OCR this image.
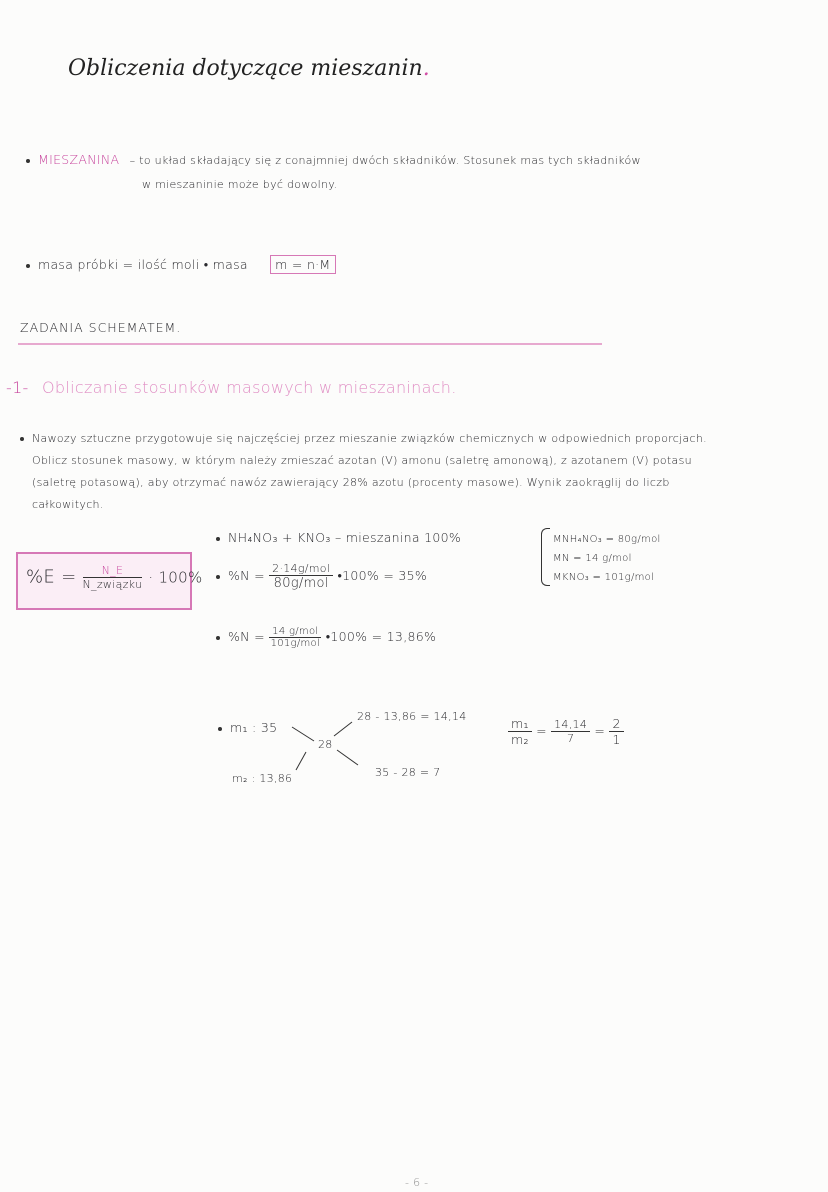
Obliczenia dotyczące mieszanin.
MIESZANINA – to układ składający się z conajmniej dwóch składników. Stosunek mas tych składników
w mieszaninie może być dowolny.
masa próbki = ilość moli • masa m = n·M
ZADANIA SCHEMATEM.
-1- Obliczanie stosunków masowych w mieszaninach.
Nawozy sztuczne przygotowuje się najczęściej przez mieszanie związków chemicznych w odpowiednich proporcjach.
Oblicz stosunek masowy, w którym należy zmieszać azotan (V) amonu (saletrę amonową), z azotanem (V) potasu
(saletrę potasową), aby otrzymać nawóz zawierający 28% azotu (procenty masowe). Wynik zaokrąglij do liczb
całkowitych.
$\%E = \frac{N\_E}{\text{N\_związku}} \cdot 100\%$
NH₄NO₃ + KNO₃ – mieszanina 100%
$\%N = \frac{\text{2·14g/mol}}{\text{80g/mol}}$ •100% = 35%
$\%N = \frac{\text{14 g/mol}}{\text{101g/mol}}$ •100% = 13,86%
MNH₄NO₃ = 80g/mol
MN = 14 g/mol
MKNO₃ = 101g/mol
m₁ : 35
28
28 - 13,86 = 14,14
m₂ : 13,86	35 - 28 = 7
$\frac{\text{m₁}}{\text{m₂}} = \frac{14,14}{7} = \frac{2}{1}$
- 6 -
